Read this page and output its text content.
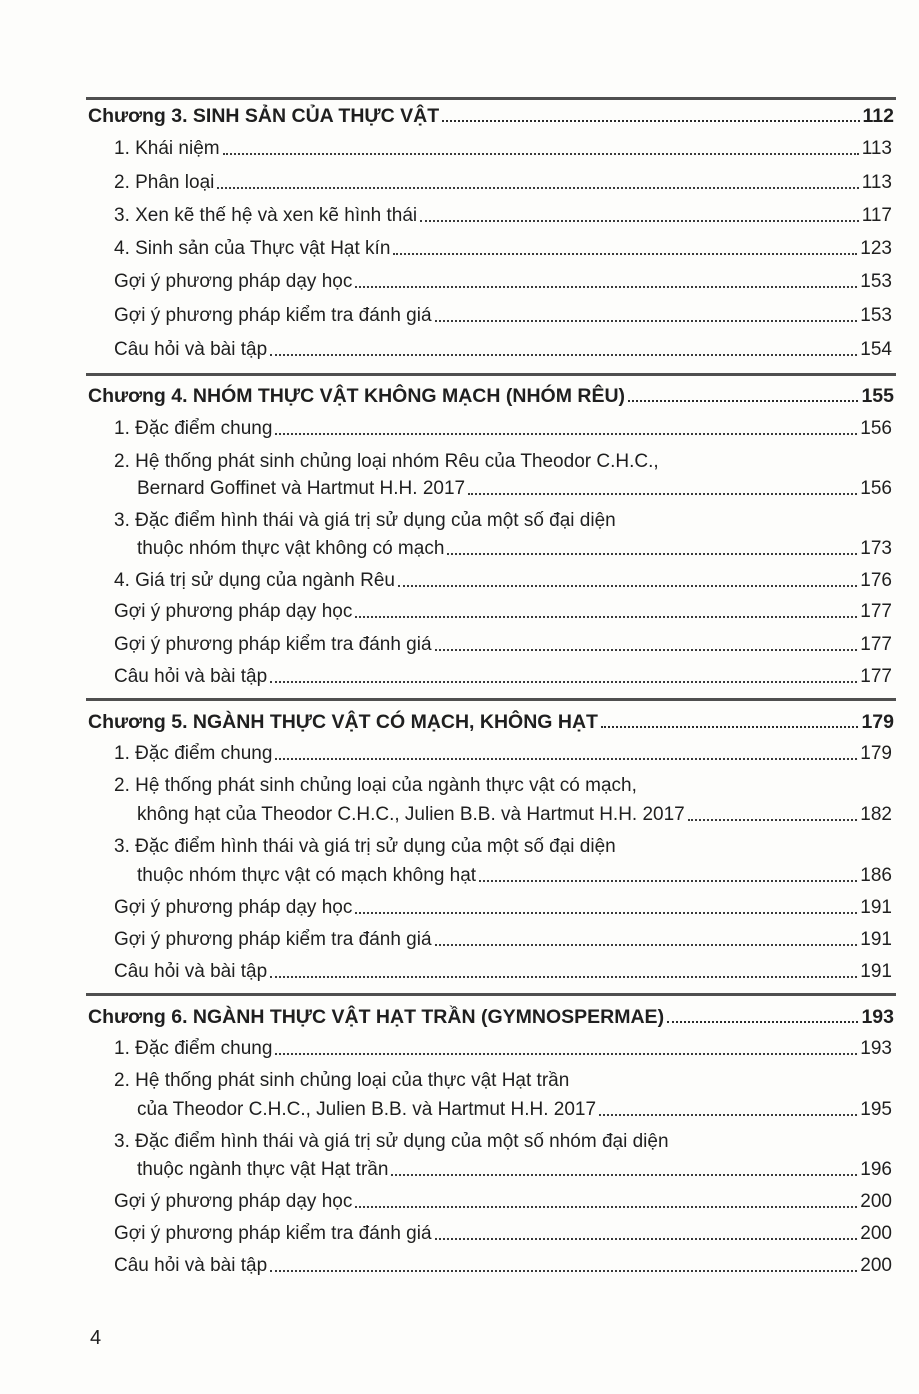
Chương 3. SINH SẢN CỦA THỰC VẬT	112
1. Khái niệm	113
2. Phân loại	113
3. Xen kẽ thế hệ và xen kẽ hình thái	117
4. Sinh sản của Thực vật Hạt kín	123
Gợi ý phương pháp dạy học	153
Gợi ý phương pháp kiểm tra đánh giá	153
Câu hỏi và bài tập	154
Chương 4. NHÓM THỰC VẬT KHÔNG MẠCH (NHÓM RÊU)	155
1. Đặc điểm chung	156
2. Hệ thống phát sinh chủng loại nhóm Rêu của Theodor C.H.C.,
Bernard Goffinet và Hartmut H.H. 2017	156
3. Đặc điểm hình thái và giá trị sử dụng của một số đại diện
thuộc nhóm thực vật không có mạch	173
4. Giá trị sử dụng của ngành Rêu	176
Gợi ý phương pháp dạy học	177
Gợi ý phương pháp kiểm tra đánh giá	177
Câu hỏi và bài tập	177
Chương 5. NGÀNH THỰC VẬT CÓ MẠCH, KHÔNG HẠT	179
1. Đặc điểm chung	179
2. Hệ thống phát sinh chủng loại của ngành thực vật có mạch,
không hạt của Theodor C.H.C., Julien B.B. và Hartmut H.H. 2017	182
3. Đặc điểm hình thái và giá trị sử dụng của một số đại diện
thuộc nhóm thực vật có mạch không hạt	186
Gợi ý phương pháp dạy học	191
Gợi ý phương pháp kiểm tra đánh giá	191
Câu hỏi và bài tập	191
Chương 6. NGÀNH THỰC VẬT HẠT TRẦN (GYMNOSPERMAE)	193
1. Đặc điểm chung	193
2. Hệ thống phát sinh chủng loại của thực vật Hạt trần
của Theodor C.H.C., Julien B.B. và Hartmut H.H. 2017	195
3. Đặc điểm hình thái và giá trị sử dụng của một số nhóm đại diện
thuộc ngành thực vật Hạt trần	196
Gợi ý phương pháp dạy học	200
Gợi ý phương pháp kiểm tra đánh giá	200
Câu hỏi và bài tập	200
4
